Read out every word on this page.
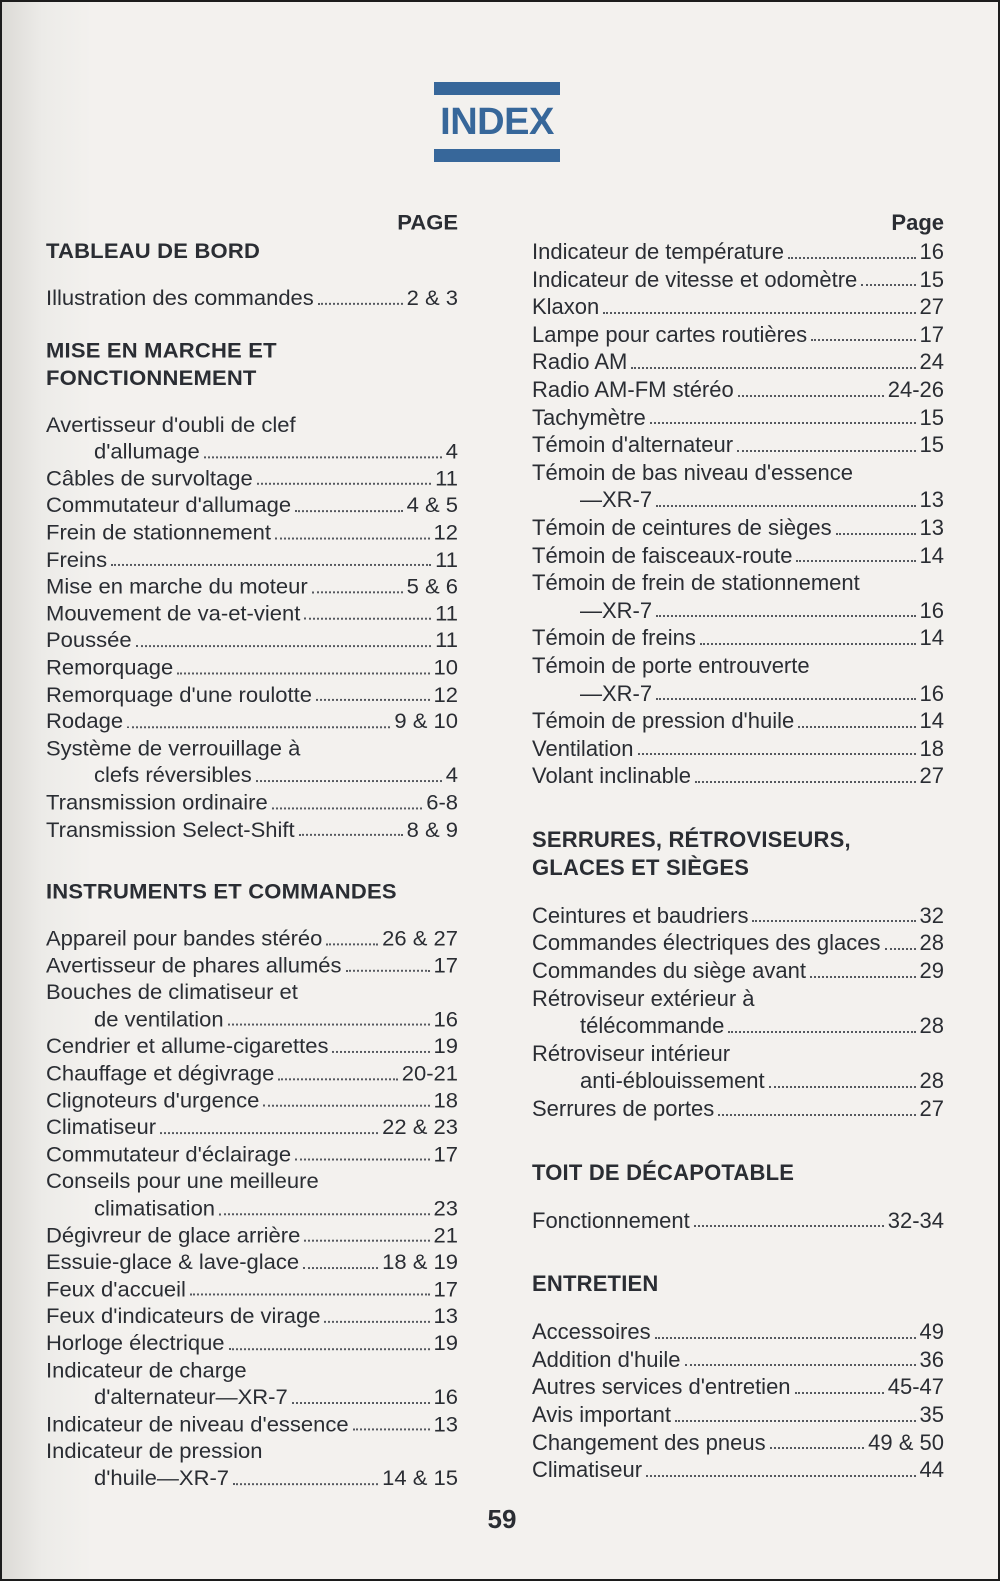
INDEX
PAGE
TABLEAU DE BORD
Illustration des commandes	2 & 3
MISE EN MARCHE ET FONCTIONNEMENT
Avertisseur d'oubli de clef
d'allumage	4
Câbles de survoltage	11
Commutateur d'allumage	4 & 5
Frein de stationnement	12
Freins	11
Mise en marche du moteur	5 & 6
Mouvement de va-et-vient	11
Poussée	11
Remorquage	10
Remorquage d'une roulotte	12
Rodage	9 & 10
Système de verrouillage à
clefs réversibles	4
Transmission ordinaire	6-8
Transmission Select-Shift	8 & 9
INSTRUMENTS ET COMMANDES
Appareil pour bandes stéréo	26 & 27
Avertisseur de phares allumés	17
Bouches de climatiseur et
de ventilation	16
Cendrier et allume-cigarettes	19
Chauffage et dégivrage	20-21
Clignoteurs d'urgence	18
Climatiseur	22 & 23
Commutateur d'éclairage	17
Conseils pour une meilleure
climatisation	23
Dégivreur de glace arrière	21
Essuie-glace & lave-glace	18 & 19
Feux d'accueil	17
Feux d'indicateurs de virage	13
Horloge électrique	19
Indicateur de charge
d'alternateur—XR-7	16
Indicateur de niveau d'essence	13
Indicateur de pression
d'huile—XR-7	14 & 15
Page
Indicateur de température	16
Indicateur de vitesse et odomètre	15
Klaxon	27
Lampe pour cartes routières	17
Radio AM	24
Radio AM-FM stéréo	24-26
Tachymètre	15
Témoin d'alternateur	15
Témoin de bas niveau d'essence
—XR-7	13
Témoin de ceintures de sièges	13
Témoin de faisceaux-route	14
Témoin de frein de stationnement
—XR-7	16
Témoin de freins	14
Témoin de porte entrouverte
—XR-7	16
Témoin de pression d'huile	14
Ventilation	18
Volant inclinable	27
SERRURES, RÉTROVISEURS,
GLACES ET SIÈGES
Ceintures et baudriers	32
Commandes électriques des glaces 28
Commandes du siège avant	29
Rétroviseur extérieur à
télécommande	28
Rétroviseur intérieur
anti-éblouissement	28
Serrures de portes	27
TOIT DE DÉCAPOTABLE
Fonctionnement	32-34
ENTRETIEN
Accessoires	49
Addition d'huile	36
Autres services d'entretien	45-47
Avis important	35
Changement des pneus	49 & 50
Climatiseur	44
59
